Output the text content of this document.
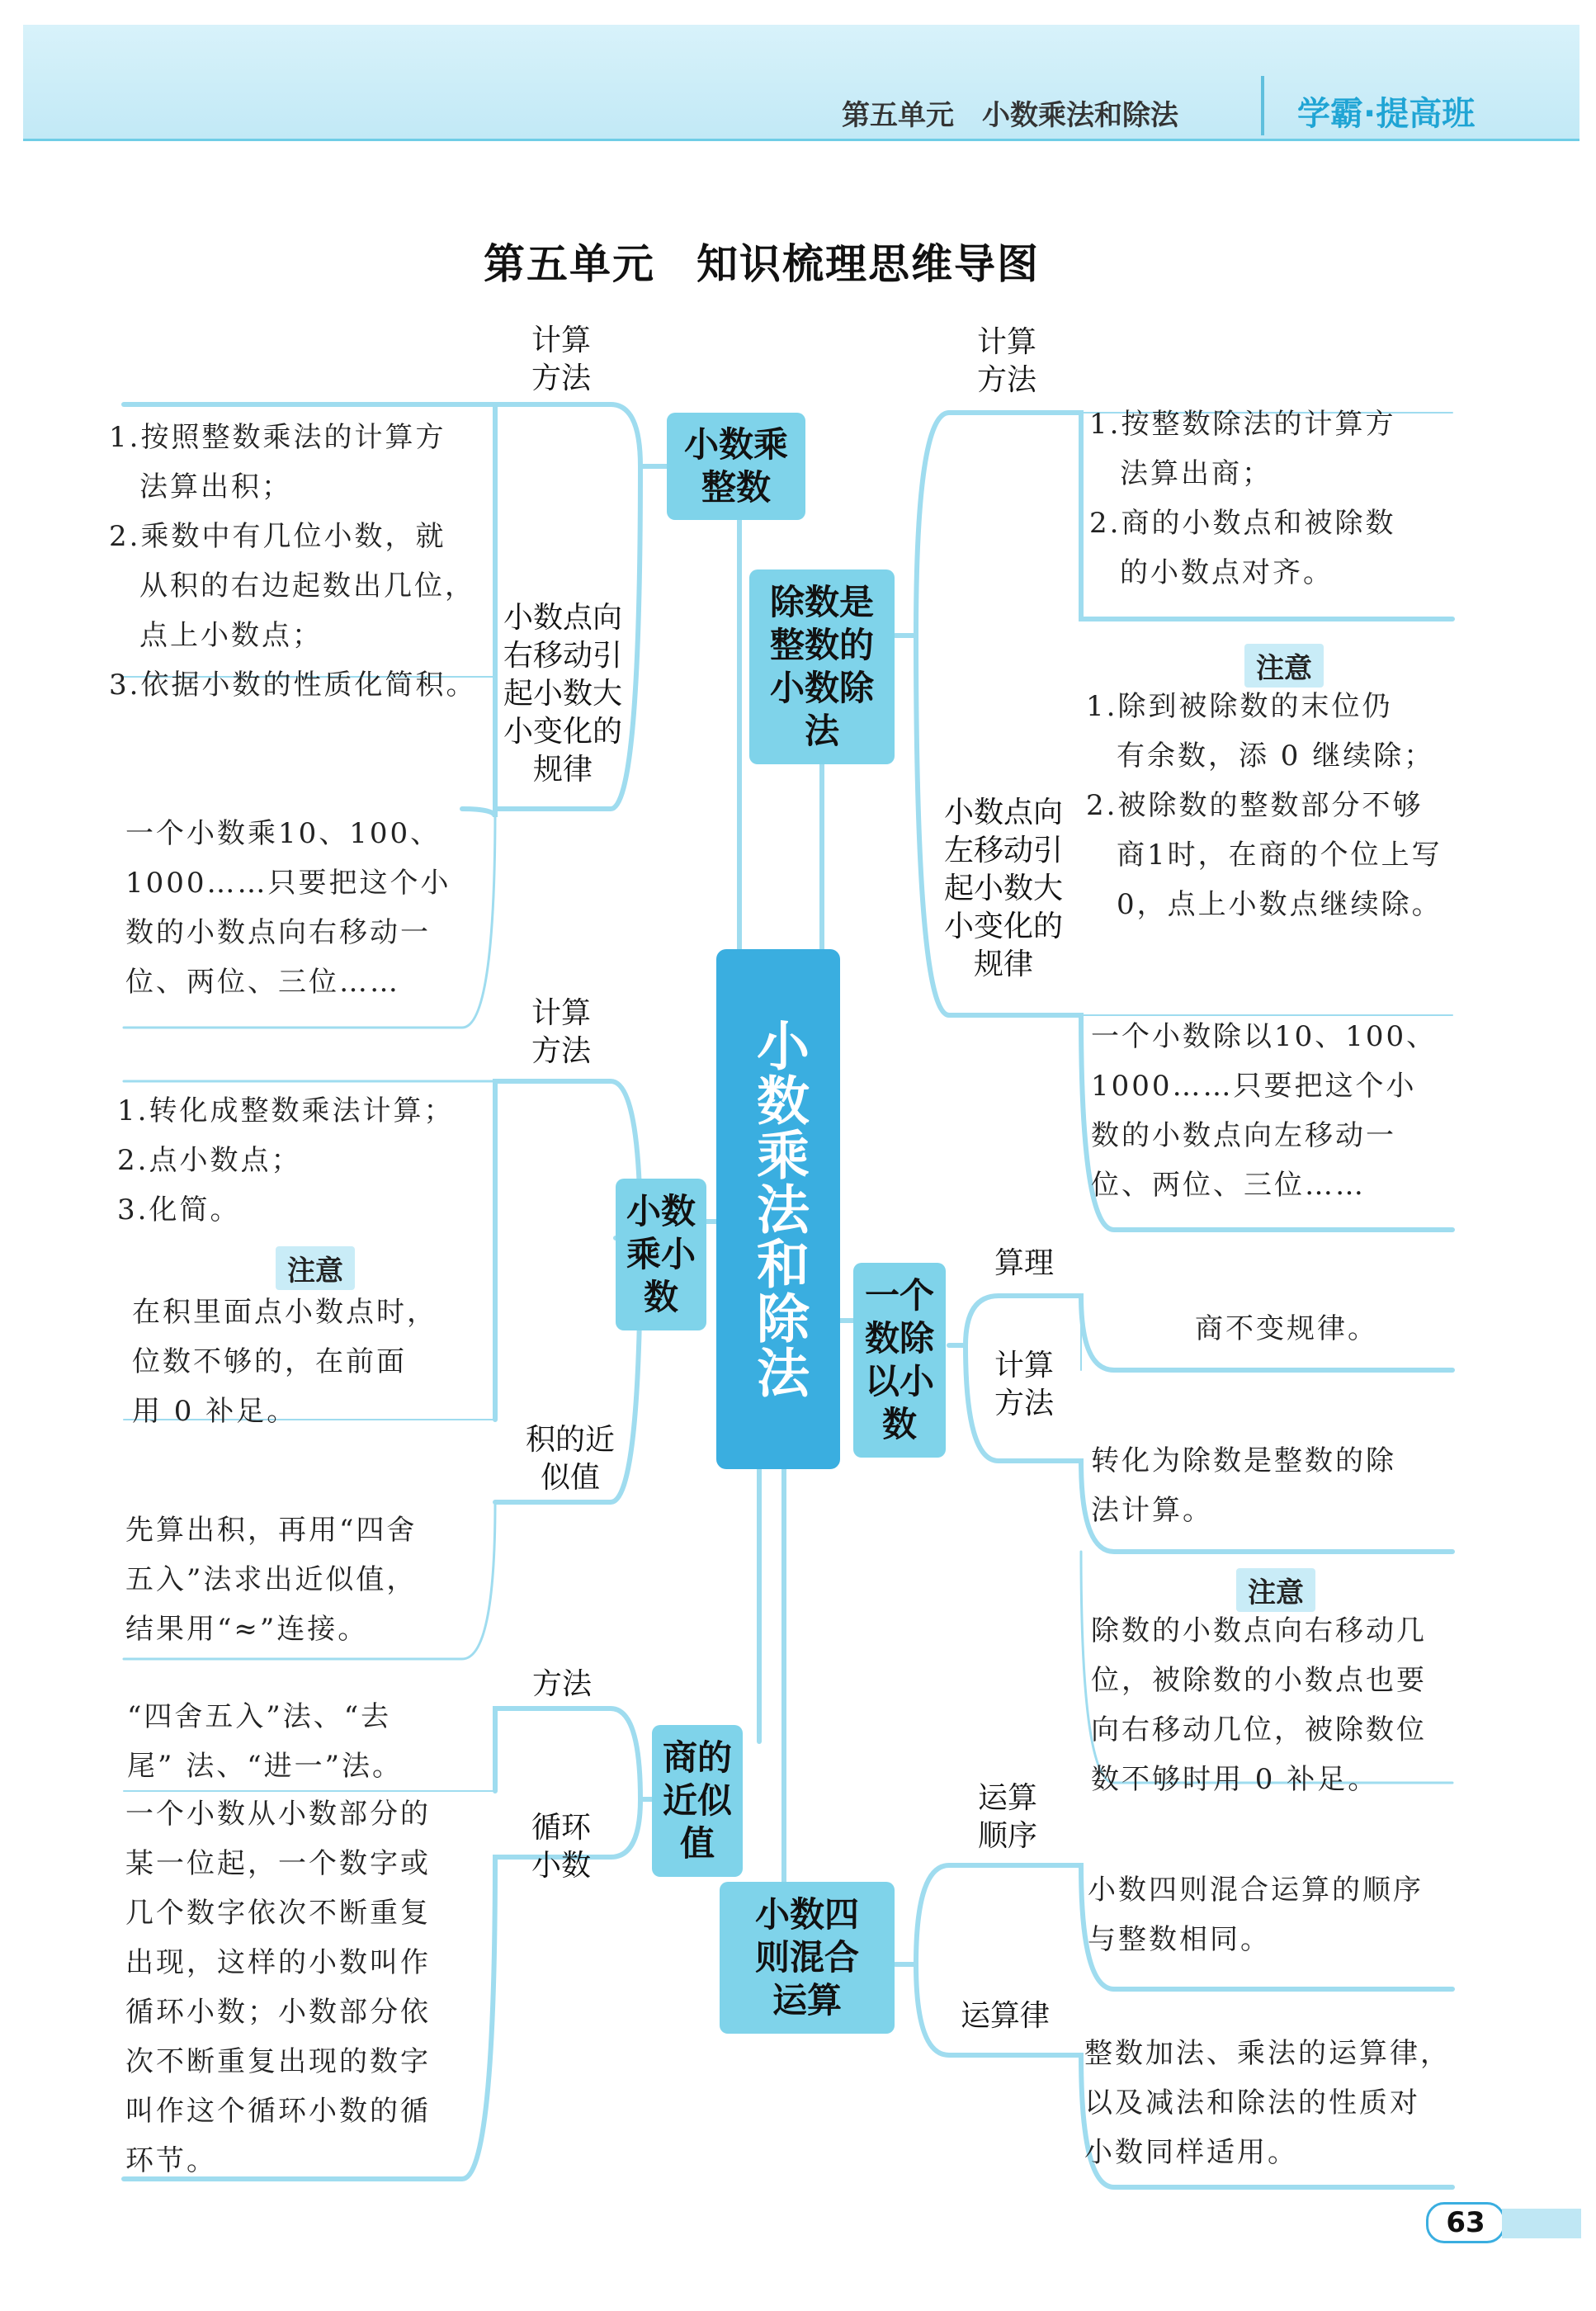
第五单元　小数乘法和除法	学霸·提高班
第五单元 知识梳理思维导图
小数乘法和除法
小数乘
整数
计算
方法
1.按照整数乘法的计算方
　法算出积；
2.乘数中有几位小数，就
　从积的右边起数出几位，
　点上小数点；
3.依据小数的性质化简积。
小数点向
右移动引
起小数大
小变化的
规律
一个小数乘10、100、
1000……只要把这个小
数的小数点向右移动一
位、两位、三位……
小数
乘小
数
计算
方法
1.转化成整数乘法计算；
2.点小数点；
3.化简。
注意
在积里面点小数点时，
位数不够的，在前面
用 0 补足。
积的近
似值
先算出积，再用“四舍
五入”法求出近似值，
结果用“≈”连接。
商的
近似
值
方法
“四舍五入”法、“去
尾” 法、“进一”法。
循环
小数
一个小数从小数部分的
某一位起，一个数字或
几个数字依次不断重复
出现，这样的小数叫作
循环小数；小数部分依
次不断重复出现的数字
叫作这个循环小数的循
环节。
除数是
整数的
小数除
法
计算
方法
1.按整数除法的计算方
　法算出商；
2.商的小数点和被除数
　的小数点对齐。
注意
1.除到被除数的末位仍
　有余数，添 0 继续除；
2.被除数的整数部分不够
　商1时，在商的个位上写
　0，点上小数点继续除。
小数点向
左移动引
起小数大
小变化的
规律
一个小数除以10、100、
1000……只要把这个小
数的小数点向左移动一
位、两位、三位……
一个
数除
以小
数
算理
商不变规律。
计算
方法
转化为除数是整数的除
法计算。
注意
除数的小数点向右移动几
位，被除数的小数点也要
向右移动几位，被除数位
数不够时用 0 补足。
小数四
则混合
运算
运算
顺序
小数四则混合运算的顺序
与整数相同。
运算律
整数加法、乘法的运算律，
以及减法和除法的性质对
小数同样适用。
63
